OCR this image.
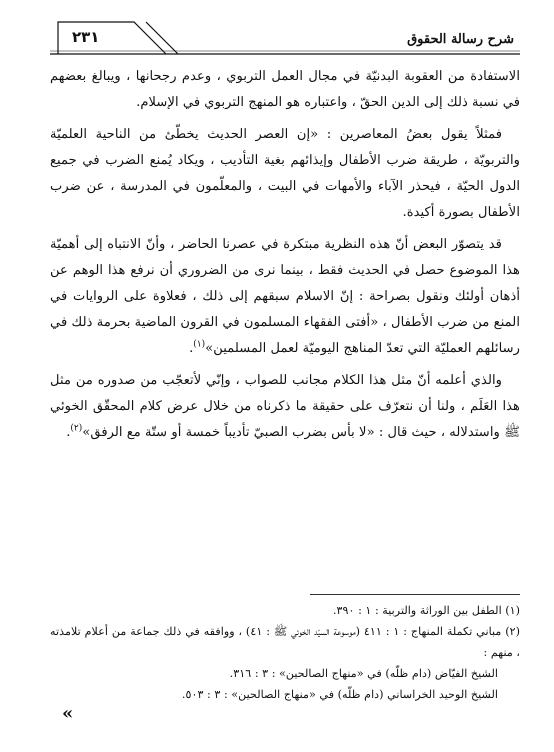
شرح رسالة الحقوق
٢٣١

الاستفادة من العقوبة البدنيّة في مجال العمل التربوي ، وعدم رجحانها ، ويبالغ بعضهم في نسبة ذلك إلى الدين الحقّ ، واعتباره هو المنهج التربوي في الإسلام.

فمثلاً يقول بعضُ المعاصرين : «إن العصر الحديث يخطّئ من الناحية العلميّة والتربويّة ، طريقة ضرب الأطفال وإيذائهم بغية التأديب ، ويكاد يُمنع الضرب في جميع الدول الحيّة ، فيحذر الآباء والأمهات في البيت ، والمعلّمون في المدرسة ، عن ضرب الأطفال بصورة أكيدة.

قد يتصوّر البعض أنّ هذه النظرية مبتكرة في عصرنا الحاضر ، وأنّ الانتباه إلى أهميّة هذا الموضوع حصل في الحديث فقط ، بينما نرى من الضروري أن نرفع هذا الوهم عن أذهان أولئك ونقول بصراحة : إنّ الاسلام سبقهم إلى ذلك ، فعلاوة على الروايات في المنع من ضرب الأطفال ، «أفتى الفقهاء المسلمون في القرون الماضية بحرمة ذلك في رسائلهم العمليّة التي تعدّ المناهج اليوميّة لعمل المسلمين»$^{(١)}$.

والذي أعلمه أنّ مثل هذا الكلام مجانب للصواب ، وإنّي لأتعجّب من صدوره من مثل هذا العَلَم ، ولنا أن نتعرّف على حقيقة ما ذكرناه من خلال عرض كلام المحقّق الخوئي ﷺ واستدلاله ، حيث قال : «لا بأس بضرب الصبيّ تأديباً خمسة أو ستّة مع الرفق»$^{(٢)}$.

(١) الطفل بين الوراثة والتربية : ١ : ٣٩٠.

(٢) مباني تكملة المنهاج : ١ : ٤١١ (موسوعة السيّد الخوئي ﷺ : ٤١) ، ووافقه في ذلك جماعة من أعلام تلامذته ، منهم :

الشيخ الفيّاض (دام ظلّه) في «منهاج الصالحين» : ٣ : ٣١٦.

الشيخ الوحيد الخراساني (دام ظلّه) في «منهاج الصالحين» : ٣ : ٥٠٣.

»
